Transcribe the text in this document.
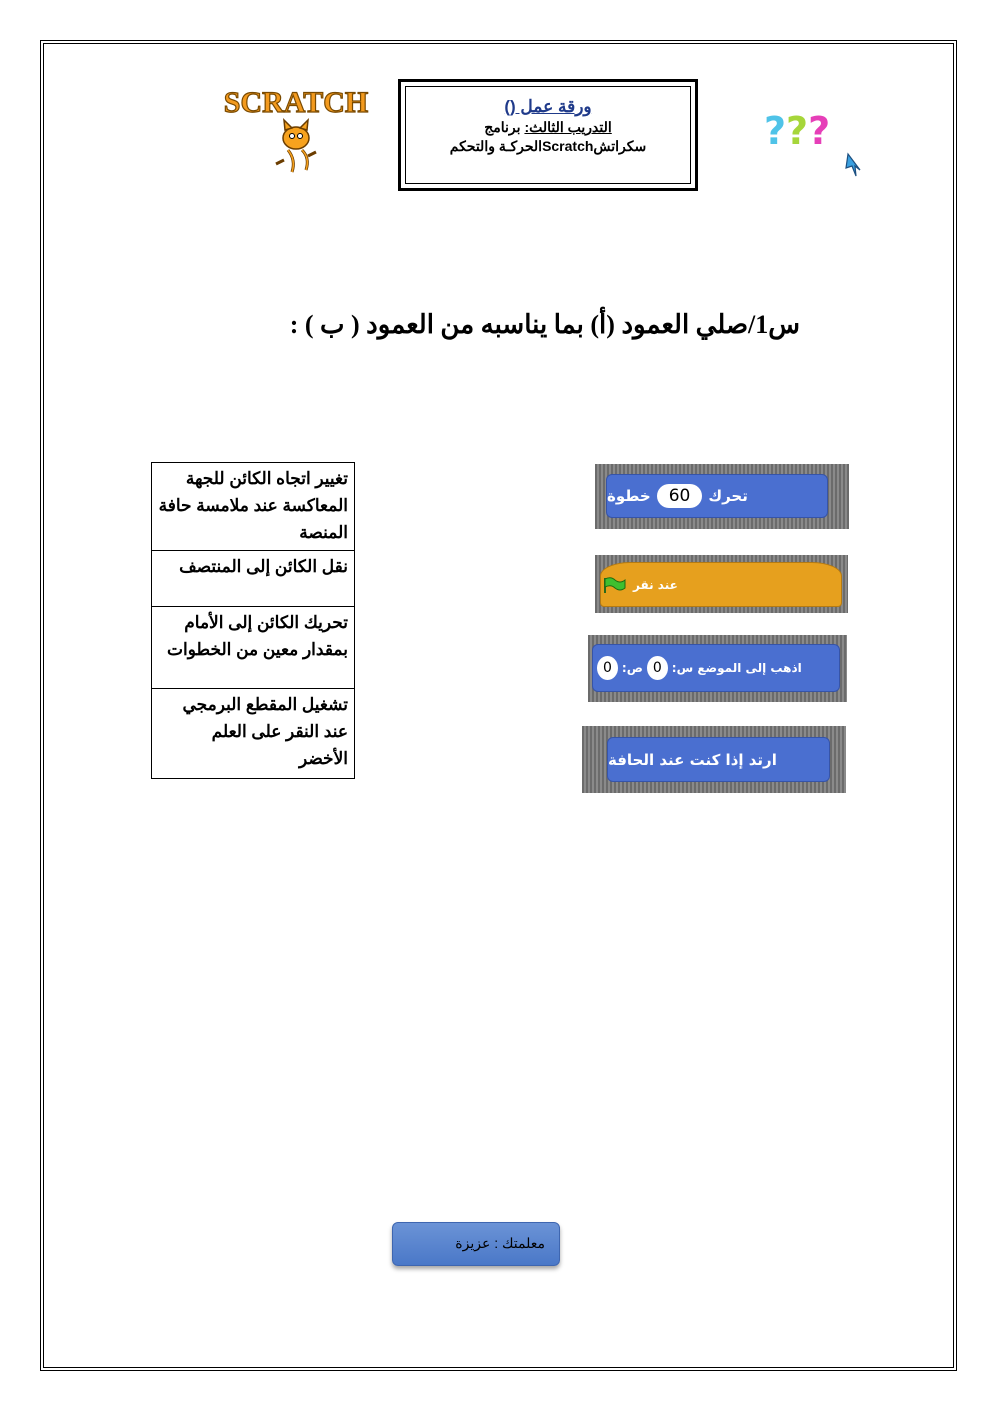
SCRATCH	ورقة عمل ()
التدريب الثالث: برنامج
سكراتشScratchالحركـة والتحكم	???
س1/صلي العمود (أ) بما يناسبه من العمود ( ب ) :
تغيير اتجاه الكائن للجهة المعاكسة عند ملامسة حافة المنصة
نقل الكائن إلى المنتصف
تحريك الكائن إلى الأمام بمقدار معين من الخطوات
تشغيل المقطع البرمجي عند النقر على العلم الأخضر
تحرك
60
خطوة
عند نقر
اذهب إلى الموضع س:
0
ص:
0
ارتد إذا كنت عند الحافة
معلمتك : عزيزة
